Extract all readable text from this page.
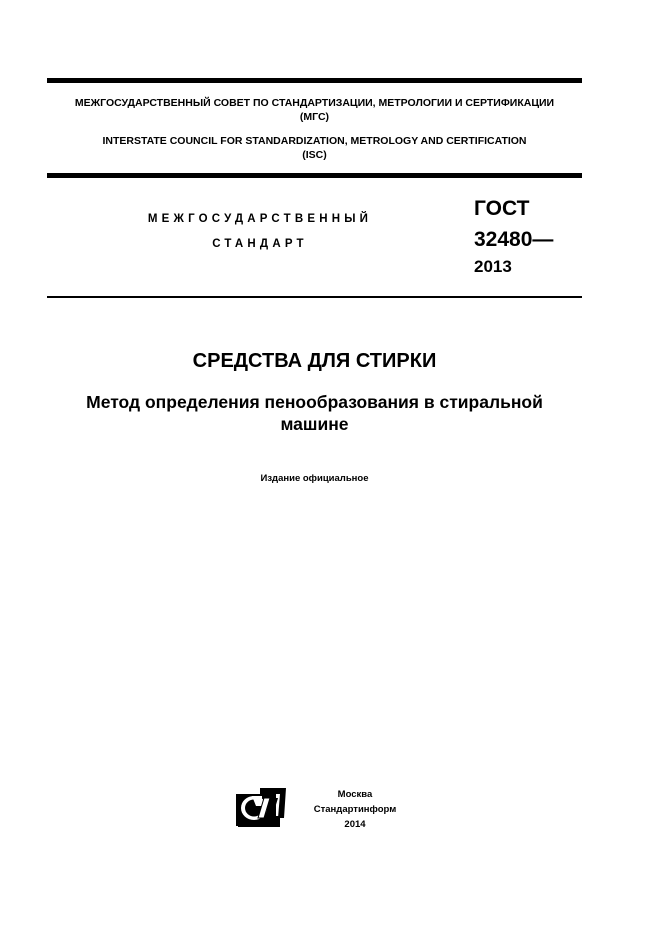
МЕЖГОСУДАРСТВЕННЫЙ СОВЕТ ПО СТАНДАРТИЗАЦИИ, МЕТРОЛОГИИ И СЕРТИФИКАЦИИ
(МГС)
INTERSTATE COUNCIL FOR STANDARDIZATION, METROLOGY AND CERTIFICATION
(ISC)
МЕЖГОСУДАРСТВЕННЫЙ
СТАНДАРТ
ГОСТ
32480—
2013
СРЕДСТВА ДЛЯ СТИРКИ
Метод определения пенообразования в стиральной
машине
Издание официальное
Москва
Стандартинформ
2014
